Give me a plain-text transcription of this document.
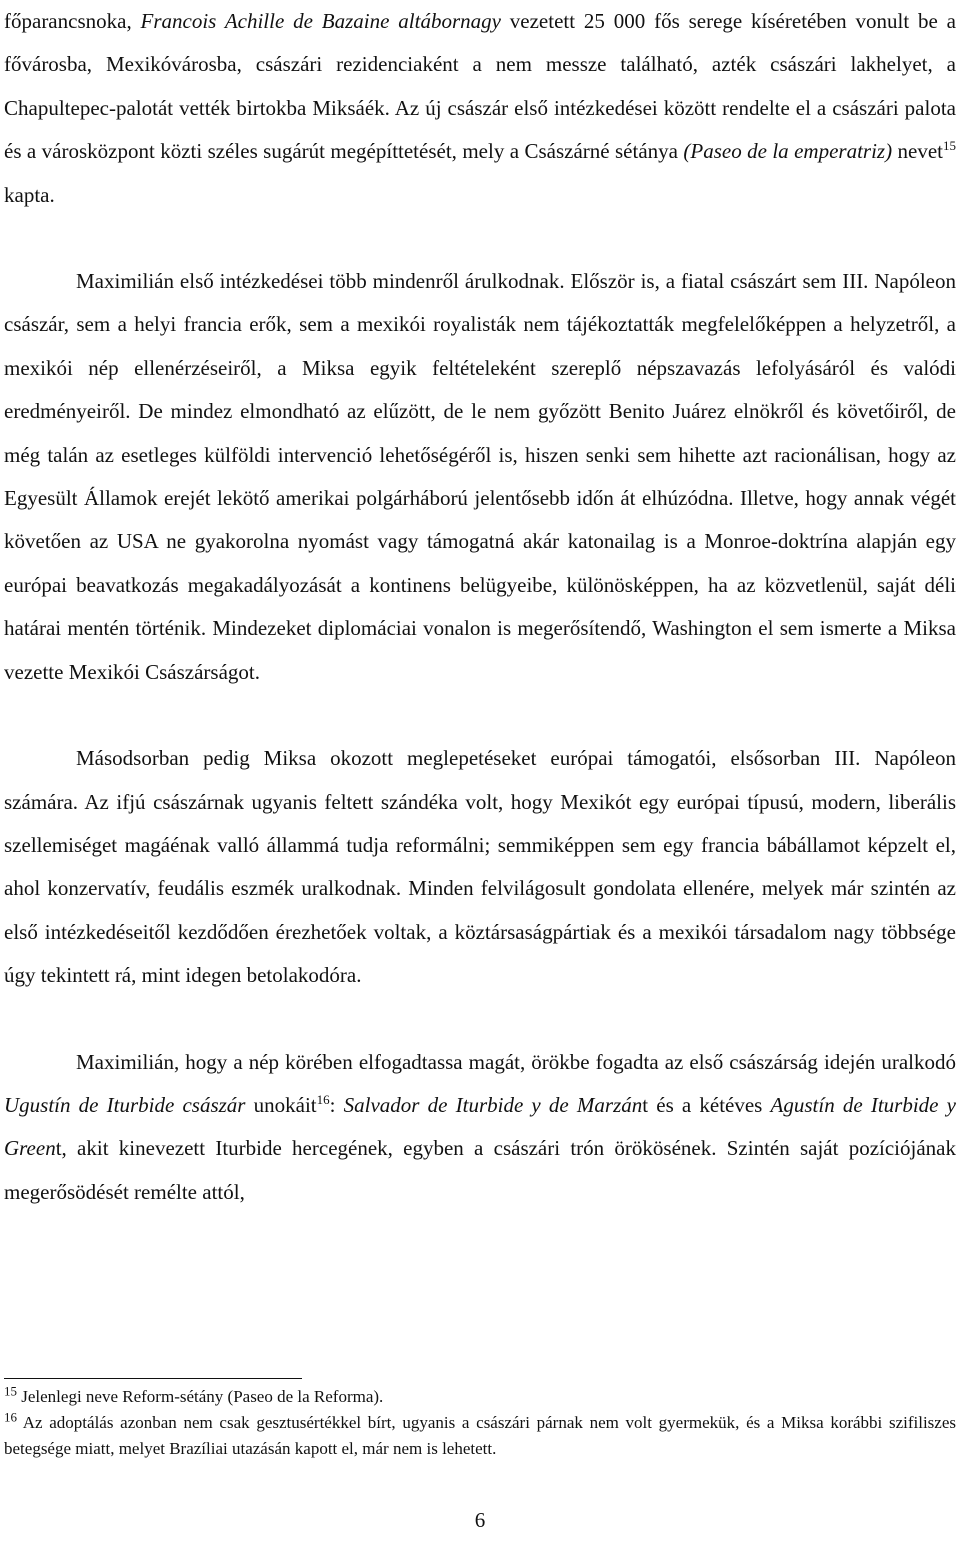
főparancsnoka, Francois Achille de Bazaine altábornagy vezetett 25 000 fős serege kíséretében vonult be a fővárosba, Mexikóvárosba, császári rezidenciaként a nem messze található, azték császári lakhelyet, a Chapultepec-palotát vették birtokba Miksáék. Az új császár első intézkedései között rendelte el a császári palota és a városközpont közti széles sugárút megépíttetését, mely a Császárné sétánya (Paseo de la emperatriz) nevet$^{15}$ kapta.

Maximilián első intézkedései több mindenről árulkodnak. Először is, a fiatal császárt sem III. Napóleon császár, sem a helyi francia erők, sem a mexikói royalisták nem tájékoztatták megfelelőképpen a helyzetről, a mexikói nép ellenérzéseiről, a Miksa egyik feltételeként szereplő népszavazás lefolyásáról és valódi eredményeiről. De mindez elmondható az elűzött, de le nem győzött Benito Juárez elnökről és követőiről, de még talán az esetleges külföldi intervenció lehetőségéről is, hiszen senki sem hihette azt racionálisan, hogy az Egyesült Államok erejét lekötő amerikai polgárháború jelentősebb időn át elhúzódna. Illetve, hogy annak végét követően az USA ne gyakorolna nyomást vagy támogatná akár katonailag is a Monroe-doktrína alapján egy európai beavatkozás megakadályozását a kontinens belügyeibe, különösképpen, ha az közvetlenül, saját déli határai mentén történik. Mindezeket diplomáciai vonalon is megerősítendő, Washington el sem ismerte a Miksa vezette Mexikói Császárságot.

Másodsorban pedig Miksa okozott meglepetéseket európai támogatói, elsősorban III. Napóleon számára. Az ifjú császárnak ugyanis feltett szándéka volt, hogy Mexikót egy európai típusú, modern, liberális szellemiséget magáénak valló állammá tudja reformálni; semmiképpen sem egy francia bábállamot képzelt el, ahol konzervatív, feudális eszmék uralkodnak. Minden felvilágosult gondolata ellenére, melyek már szintén az első intézkedéseitől kezdődően érezhetőek voltak, a köztársaságpártiak és a mexikói társadalom nagy többsége úgy tekintett rá, mint idegen betolakodóra.

Maximilián, hogy a nép körében elfogadtassa magát, örökbe fogadta az első császárság idején uralkodó Ugustín de Iturbide császár unokáit$^{16}$: Salvador de Iturbide y de Marzánt és a kétéves Agustín de Iturbide y Greent, akit kinevezett Iturbide hercegének, egyben a császári trón örökösének. Szintén saját pozíciójának megerősödését remélte attól,

$^{15}$ Jelenlegi neve Reform-sétány (Paseo de la Reforma).

$^{16}$ Az adoptálás azonban nem csak gesztusértékkel bírt, ugyanis a császári párnak nem volt gyermekük, és a Miksa korábbi szifiliszes betegsége miatt, melyet Brazíliai utazásán kapott el, már nem is lehetett.

6
